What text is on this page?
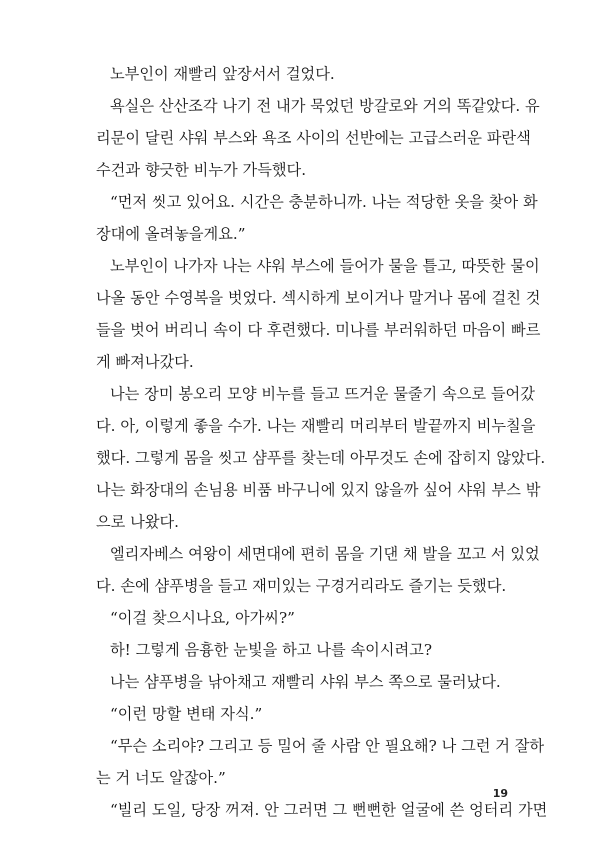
노부인이 재빨리 앞장서서 걸었다.
욕실은 산산조각 나기 전 내가 묵었던 방갈로와 거의 똑같았다. 유
리문이 달린 샤워 부스와 욕조 사이의 선반에는 고급스러운 파란색
수건과 향긋한 비누가 가득했다.
“먼저 씻고 있어요. 시간은 충분하니까. 나는 적당한 옷을 찾아 화
장대에 올려놓을게요.”
노부인이 나가자 나는 샤워 부스에 들어가 물을 틀고, 따뜻한 물이
나올 동안 수영복을 벗었다. 섹시하게 보이거나 말거나 몸에 걸친 것
들을 벗어 버리니 속이 다 후련했다. 미나를 부러워하던 마음이 빠르
게 빠져나갔다.
나는 장미 봉오리 모양 비누를 들고 뜨거운 물줄기 속으로 들어갔
다. 아, 이렇게 좋을 수가. 나는 재빨리 머리부터 발끝까지 비누칠을
했다. 그렇게 몸을 씻고 샴푸를 찾는데 아무것도 손에 잡히지 않았다.
나는 화장대의 손님용 비품 바구니에 있지 않을까 싶어 샤워 부스 밖
으로 나왔다.
엘리자베스 여왕이 세면대에 편히 몸을 기댄 채 발을 꼬고 서 있었
다. 손에 샴푸병을 들고 재미있는 구경거리라도 즐기는 듯했다.
“이걸 찾으시나요, 아가씨?”
하! 그렇게 음흉한 눈빛을 하고 나를 속이시려고?
나는 샴푸병을 낚아채고 재빨리 샤워 부스 쪽으로 물러났다.
“이런 망할 변태 자식.”
“무슨 소리야? 그리고 등 밀어 줄 사람 안 필요해? 나 그런 거 잘하
는 거 너도 알잖아.”
“빌리 도일, 당장 꺼져. 안 그러면 그 뻔뻔한 얼굴에 쓴 엉터리 가면
19
